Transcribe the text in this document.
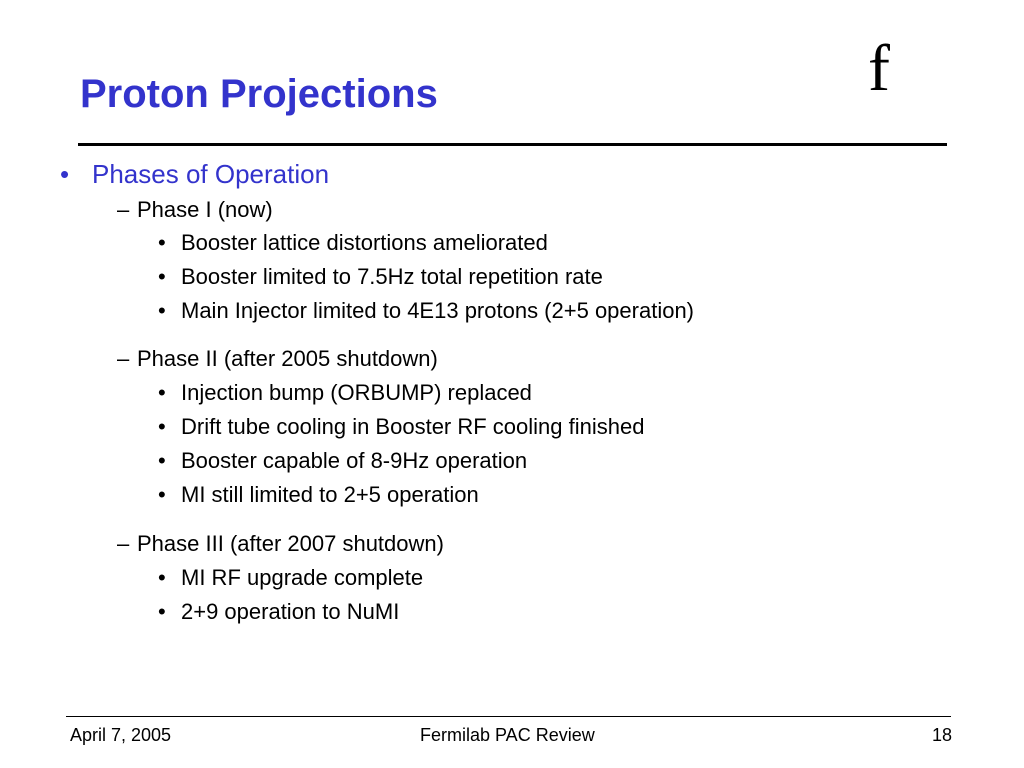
Proton Projections	f
• Phases of Operation
– Phase I (now)
• Booster lattice distortions ameliorated
• Booster limited to 7.5Hz total repetition rate
• Main Injector limited to 4E13 protons (2+5 operation)
– Phase II (after 2005 shutdown)
• Injection bump (ORBUMP) replaced
• Drift tube cooling in Booster RF cooling finished
• Booster capable of 8-9Hz operation
• MI still limited to 2+5 operation
– Phase III (after 2007 shutdown)
• MI RF upgrade complete
• 2+9 operation to NuMI
April 7, 2005	Fermilab PAC Review	18
